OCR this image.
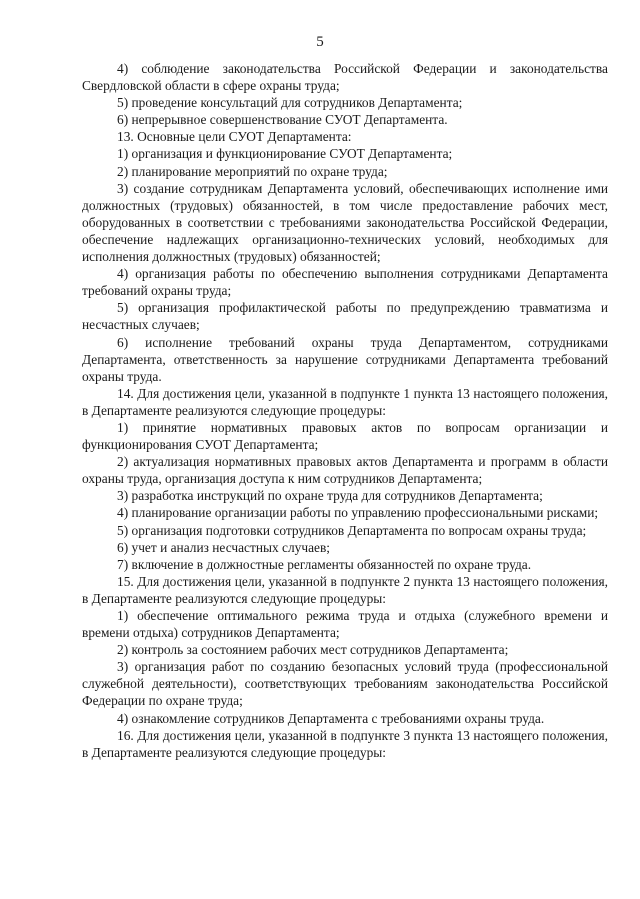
5

4) соблюдение законодательства Российской Федерации и законодательства Свердловской области в сфере охраны труда;

5) проведение консультаций для сотрудников Департамента;

6) непрерывное совершенствование СУОТ Департамента.

13. Основные цели СУОТ Департамента:

1) организация и функционирование СУОТ Департамента;

2) планирование мероприятий по охране труда;

3) создание сотрудникам Департамента условий, обеспечивающих исполнение ими должностных (трудовых) обязанностей, в том числе предоставление рабочих мест, оборудованных в соответствии с требованиями законодательства Российской Федерации, обеспечение надлежащих организационно-технических условий, необходимых для исполнения должностных (трудовых) обязанностей;

4) организация работы по обеспечению выполнения сотрудниками Департамента требований охраны труда;

5) организация профилактической работы по предупреждению травматизма и несчастных случаев;

6) исполнение требований охраны труда Департаментом, сотрудниками Департамента, ответственность за нарушение сотрудниками Департамента требований охраны труда.

14. Для достижения цели, указанной в подпункте 1 пункта 13 настоящего положения, в Департаменте реализуются следующие процедуры:

1) принятие нормативных правовых актов по вопросам организации и функционирования СУОТ Департамента;

2) актуализация нормативных правовых актов Департамента и программ в области охраны труда, организация доступа к ним сотрудников Департамента;

3) разработка инструкций по охране труда для сотрудников Департамента;

4) планирование организации работы по управлению профессиональными рисками;

5) организация подготовки сотрудников Департамента по вопросам охраны труда;

6) учет и анализ несчастных случаев;

7) включение в должностные регламенты обязанностей по охране труда.

15. Для достижения цели, указанной в подпункте 2 пункта 13 настоящего положения, в Департаменте реализуются следующие процедуры:

1) обеспечение оптимального режима труда и отдыха (служебного времени и времени отдыха) сотрудников Департамента;

2) контроль за состоянием рабочих мест сотрудников Департамента;

3) организация работ по созданию безопасных условий труда (профессиональной служебной деятельности), соответствующих требованиям законодательства Российской Федерации по охране труда;

4) ознакомление сотрудников Департамента с требованиями охраны труда.

16. Для достижения цели, указанной в подпункте 3 пункта 13 настоящего положения, в Департаменте реализуются следующие процедуры:
